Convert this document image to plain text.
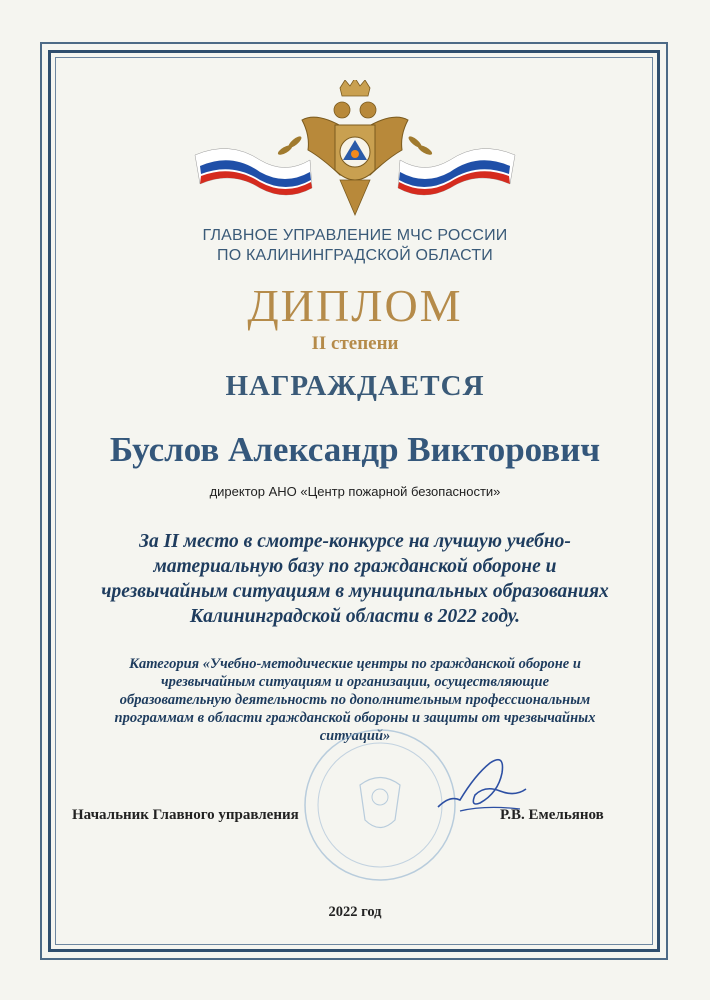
ГЛАВНОЕ УПРАВЛЕНИЕ МЧС РОССИИ
ПО КАЛИНИНГРАДСКОЙ ОБЛАСТИ
ДИПЛОМ
II степени
НАГРАЖДАЕТСЯ
Буслов Александр Викторович
директор АНО «Центр пожарной безопасности»
За II место в смотре-конкурсе на лучшую учебно-
материальную базу по гражданской обороне и
чрезвычайным ситуациям в муниципальных образованиях
Калининградской области в 2022 году.
Категория «Учебно-методические центры по гражданской обороне и
чрезвычайным ситуациям и организации, осуществляющие
образовательную деятельность по дополнительным профессиональным
программам в области гражданской обороны и защиты от чрезвычайных
ситуаций»
Начальник Главного управления	Р.В. Емельянов
2022 год
